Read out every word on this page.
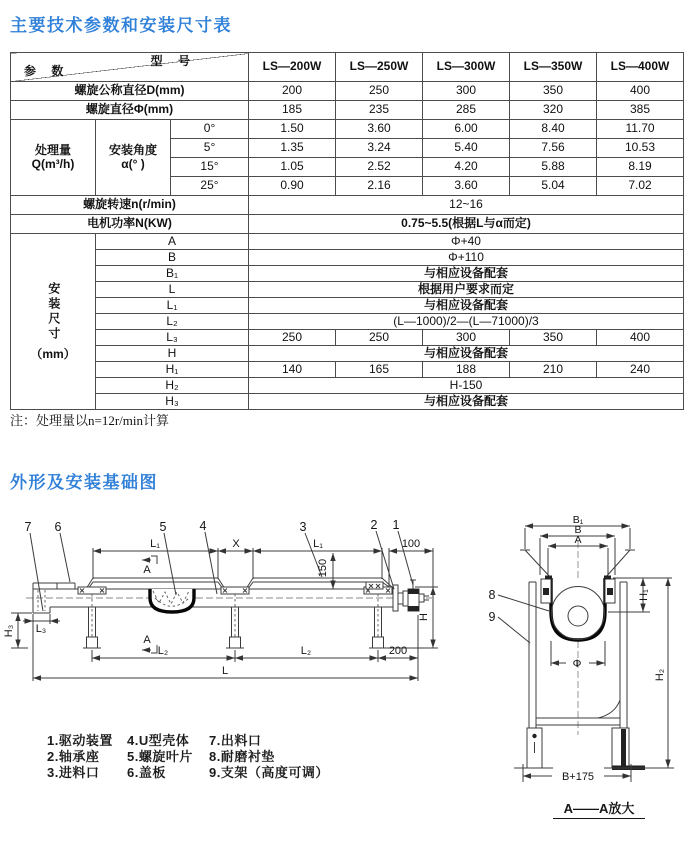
主要技术参数和安装尺寸表
型 号
参 数			LS—200W	LS—250W	LS—300W	LS—350W	LS—400W
螺旋公称直径D(mm)			200	250	300	350	400
螺旋直径Φ(mm)			185	235	285	320	385

处理量
Q(m³/h)

安装角度
α(° )
	0°	1.50	3.60	6.00	8.40	11.70
		5°	1.35	3.24	5.40	7.56	10.53
		15°	1.05	2.52	4.20	5.88	8.19
		25°	0.90	2.16	3.60	5.04	7.02
螺旋转速n(r/min)			12~16				
电机功率N(KW)			0.75~5.5(根据L与α而定)				
安装尺寸
（mm）	A		Φ+40				
	B		Φ+110				
	B₁		与相应设备配套				
	L		根据用户要求而定				
	L₁		与相应设备配套				
	L₂		(L—1000)/2—(L—71000)/3				
	L₃		250	250	300	350	400
	H		与相应设备配套				
	H₁		140	165	188	210	240
	H₂		H-150				
	H₃		与相应设备配套				
注：处理量以n=12r/min计算
外形及安装基础图
7 6	5	4	3	2 1
A
A
L₁	X	L₁	100
150
H
H₃ L₃
L₂	L₂	200
L
8
9
B₁
B
A
Φ
H₁
H₂
B+175
1.驱动装置
2.轴承座
3.进料口
4.U型壳体
5.螺旋叶片
6.盖板
7.出料口
8.耐磨衬垫
9.支架（高度可调）
A——A放大
